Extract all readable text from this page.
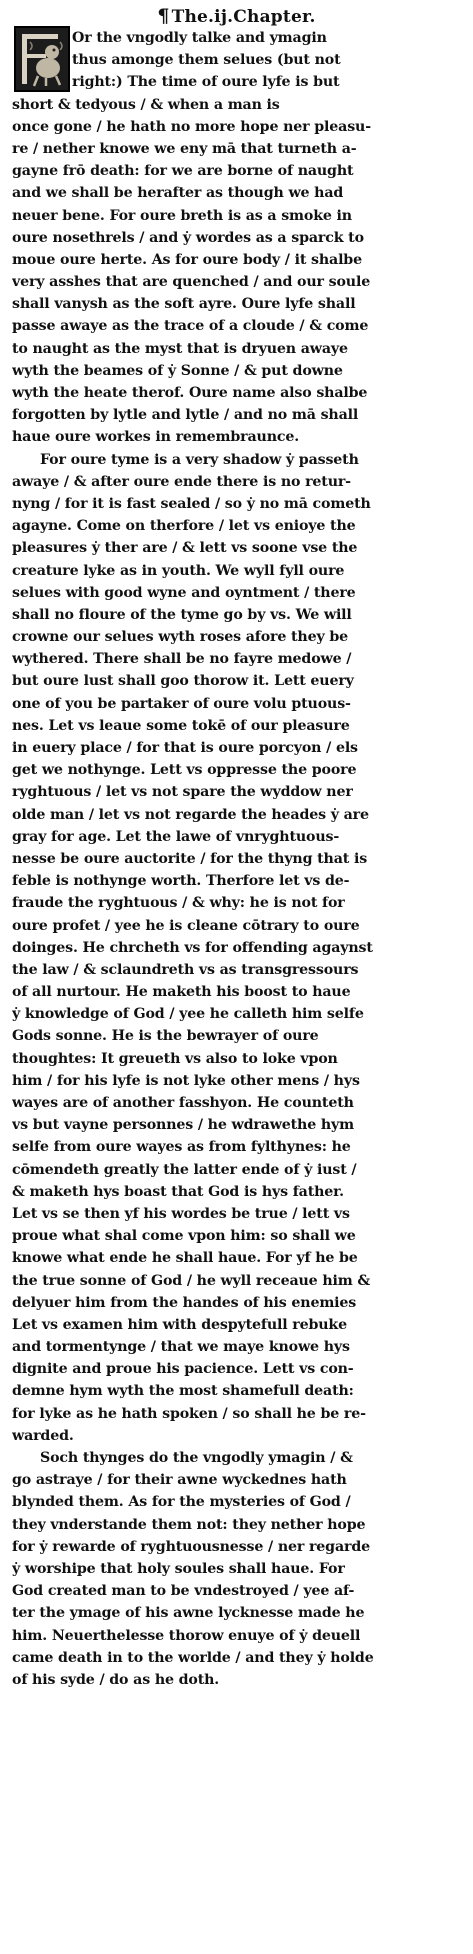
¶ The.ij.Chapter.
Or the vngodly talke and ymagin
thus amonge them selues (but not
right:) The time of oure lyfe is but
short & tedyous / & when a man is
once gone / he hath no more hope ner pleasu-
re / nether knowe we eny mā that turneth a-
gayne frō death: for we are borne of naught
and we shall be herafter as though we had
neuer bene. For oure breth is as a smoke in
oure nosethrels / and ẏ wordes as a sparck to
moue oure herte. As for oure body / it shalbe
very asshes that are quenched / and our soule
shall vanysh as the soft ayre. Oure lyfe shall
passe awaye as the trace of a cloude / & come
to naught as the myst that is dryuen awaye
wyth the beames of ẏ Sonne / & put downe
wyth the heate therof. Oure name also shalbe
forgotten by lytle and lytle / and no mā shall
haue oure workes in remembraunce.
For oure tyme is a very shadow ẏ passeth
awaye / & after oure ende there is no retur-
nyng / for it is fast sealed / so ẏ no mā cometh
agayne. Come on therfore / let vs enioye the
pleasures ẏ ther are / & lett vs soone vse the
creature lyke as in youth. We wyll fyll oure
selues with good wyne and oyntment / there
shall no floure of the tyme go by vs. We will
crowne our selues wyth roses afore they be
wythered. There shall be no fayre medowe /
but oure lust shall goo thorow it. Lett euery
one of you be partaker of oure volu ptuous-
nes. Let vs leaue some tokē of our pleasure
in euery place / for that is oure porcyon / els
get we nothynge. Lett vs oppresse the poore
ryghtuous / let vs not spare the wyddow ner
olde man / let vs not regarde the heades ẏ are
gray for age. Let the lawe of vnryghtuous-
nesse be oure auctorite / for the thyng that is
feble is nothynge worth. Therfore let vs de-
fraude the ryghtuous / & why: he is not for
oure profet / yee he is cleane cōtrary to oure
doinges. He chrcheth vs for offending agaynst
the law / & sclaundreth vs as transgressours
of all nurtour. He maketh his boost to haue
ẏ knowledge of God / yee he calleth him selfe
Gods sonne. He is the bewrayer of oure
thoughtes: It greueth vs also to loke vpon
him / for his lyfe is not lyke other mens / hys
wayes are of another fasshyon. He counteth
vs but vayne personnes / he wdrawethe hym
selfe from oure wayes as from fylthynes: he
cōmendeth greatly the latter ende of ẏ iust /
& maketh hys boast that God is hys father.
Let vs se then yf his wordes be true / lett vs
proue what shal come vpon him: so shall we
knowe what ende he shall haue. For yf he be
the true sonne of God / he wyll receaue him &
delyuer him from the handes of his enemies
Let vs examen him with despytefull rebuke
and tormentynge / that we maye knowe hys
dignite and proue his pacience. Lett vs con-
demne hym wyth the most shamefull death:
for lyke as he hath spoken / so shall he be re-
warded.
Soch thynges do the vngodly ymagin / &
go astraye / for their awne wyckednes hath
blynded them. As for the mysteries of God /
they vnderstande them not: they nether hope
for ẏ rewarde of ryghtuousnesse / ner regarde
ẏ worshipe that holy soules shall haue. For
God created man to be vndestroyed / yee af-
ter the ymage of his awne lycknesse made he
him. Neuerthelesse thorow enuye of ẏ deuell
came death in to the worlde / and they ẏ holde
of his syde / do as he doth.
